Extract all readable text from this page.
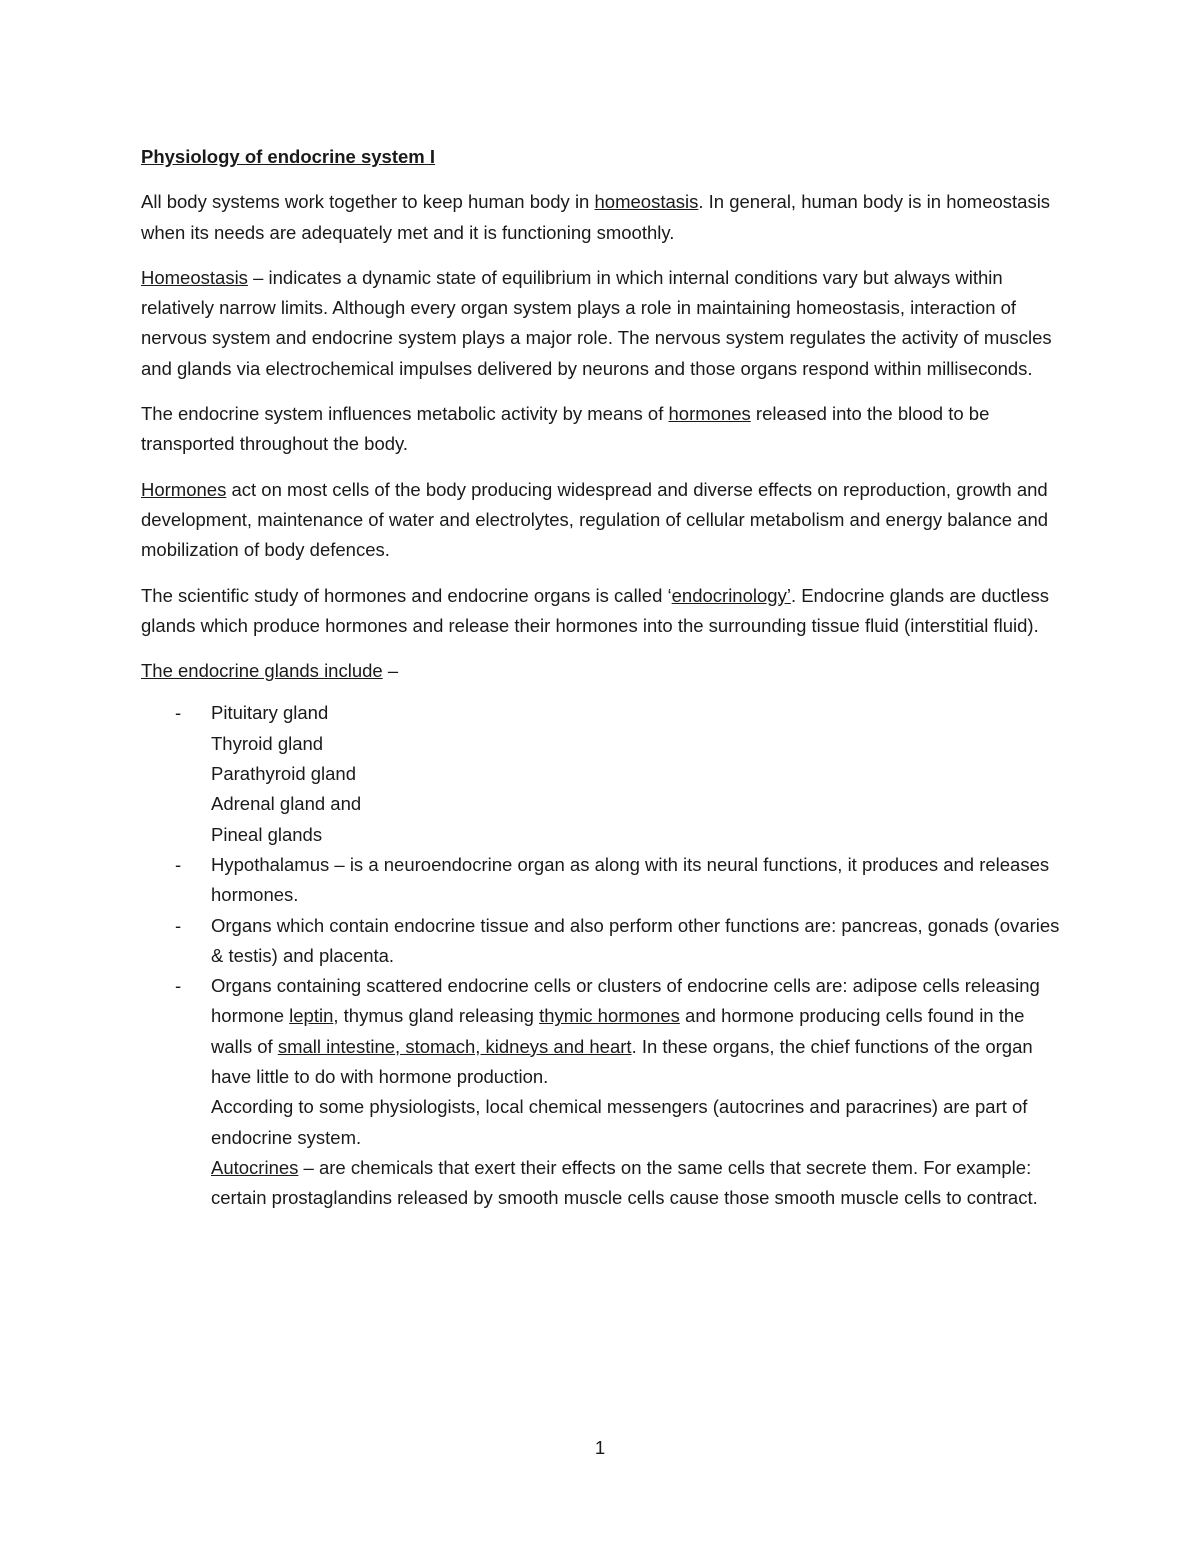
Physiology of endocrine system I

All body systems work together to keep human body in homeostasis. In general, human body is in homeostasis when its needs are adequately met and it is functioning smoothly.

Homeostasis – indicates a dynamic state of equilibrium in which internal conditions vary but always within relatively narrow limits. Although every organ system plays a role in maintaining homeostasis, interaction of nervous system and endocrine system plays a major role. The nervous system regulates the activity of muscles and glands via electrochemical impulses delivered by neurons and those organs respond within milliseconds.

The endocrine system influences metabolic activity by means of hormones released into the blood to be transported throughout the body.

Hormones act on most cells of the body producing widespread and diverse effects on reproduction, growth and development, maintenance of water and electrolytes, regulation of cellular metabolism and energy balance and mobilization of body defences.

The scientific study of hormones and endocrine organs is called ‘endocrinology’. Endocrine glands are ductless glands which produce hormones and release their hormones into the surrounding tissue fluid (interstitial fluid).

The endocrine glands include –

- Pituitary gland
Thyroid gland
Parathyroid gland
Adrenal gland and
Pineal glands
- Hypothalamus – is a neuroendocrine organ as along with its neural functions, it produces and releases hormones.
- Organs which contain endocrine tissue and also perform other functions are: pancreas, gonads (ovaries & testis) and placenta.
- Organs containing scattered endocrine cells or clusters of endocrine cells are: adipose cells releasing hormone leptin, thymus gland releasing thymic hormones and hormone producing cells found in the walls of small intestine, stomach, kidneys and heart. In these organs, the chief functions of the organ have little to do with hormone production.
According to some physiologists, local chemical messengers (autocrines and paracrines) are part of endocrine system.
Autocrines – are chemicals that exert their effects on the same cells that secrete them. For example: certain prostaglandins released by smooth muscle cells cause those smooth muscle cells to contract.
1
